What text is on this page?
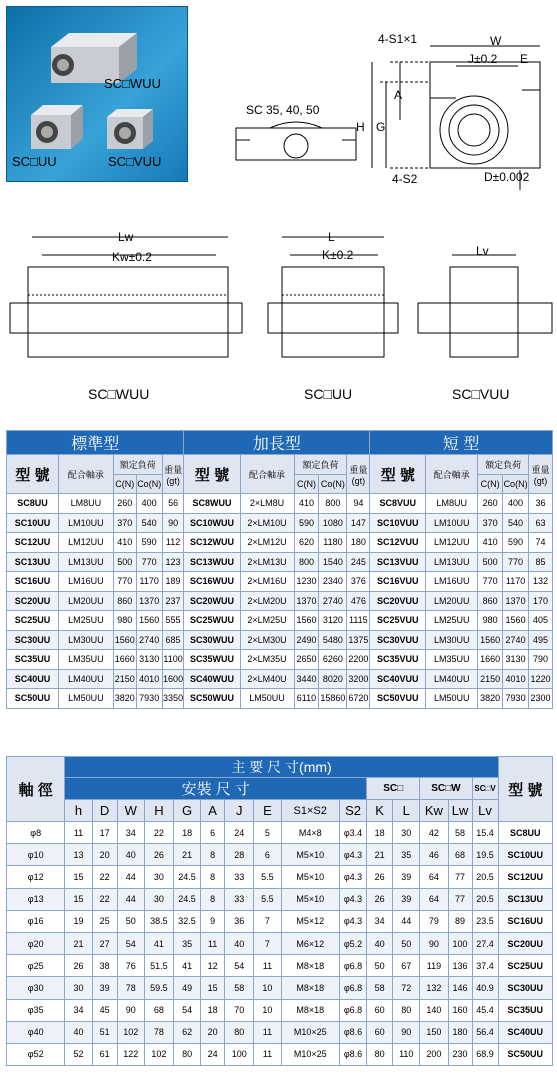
SC□WUU
SC□UU	SC□VUU
SC 35, 40, 50
4-S1×1	W
J±0.2 E
A
H G
4-S2	D±0.002
Lw
Kw±0.2
L
K±0.2	Lv
SC□WUU	SC□UU	SC□VUU
標準型					加長型					短 型				
型 號	配合軸承	額定負荷		重量(gt)	型 號	配合軸承	額定負荷		重量(gt)	型 號	配合軸承	額定負荷		重量(gt)
		C(N)	Co(N)				C(N)	Co(N)				C(N)	Co(N)	
SC8UU	LM8UU	260	400	56	SC8WUU	2×LM8U	410	800	94	SC8VUU	LM8UU	260	400	36
SC10UU	LM10UU	370	540	90	SC10WUU	2×LM10U	590	1080	147	SC10VUU	LM10UU	370	540	63
SC12UU	LM12UU	410	590	112	SC12WUU	2×LM12U	620	1180	180	SC12VUU	LM12UU	410	590	74
SC13UU	LM13UU	500	770	123	SC13WUU	2×LM13U	800	1540	245	SC13VUU	LM13UU	500	770	85
SC16UU	LM16UU	770	1170	189	SC16WUU	2×LM16U	1230	2340	376	SC16VUU	LM16UU	770	1170	132
SC20UU	LM20UU	860	1370	237	SC20WUU	2×LM20U	1370	2740	476	SC20VUU	LM20UU	860	1370	170
SC25UU	LM25UU	980	1560	555	SC25WUU	2×LM25U	1560	3120	1115	SC25VUU	LM25UU	980	1560	405
SC30UU	LM30UU	1560	2740	685	SC30WUU	2×LM30U	2490	5480	1375	SC30VUU	LM30UU	1560	2740	495
SC35UU	LM35UU	1660	3130	1100	SC35WUU	2×LM35U	2650	6260	2200	SC35VUU	LM35UU	1660	3130	790
SC40UU	LM40UU	2150	4010	1600	SC40WUU	2×LM40U	3440	8020	3200	SC40VUU	LM40UU	2150	4010	1220
SC50UU	LM50UU	3820	7930	3350	SC50WUU	LM50UU	6110	15860	6720	SC50VUU	LM50UU	3820	7930	2300
軸 徑	主 要 尺 寸(mm)															型 號
	安裝 尺 寸										SC□		SC□W		SC□V	
	h	D	W	H	G	A	J	E	S1×S2	S2	K	L	Kw	Lw	Lv	
φ8	11	17	34	22	18	6	24	5	M4×8	φ3.4	18	30	42	58	15.4	SC8UU
φ10	13	20	40	26	21	8	28	6	M5×10	φ4.3	21	35	46	68	19.5	SC10UU
φ12	15	22	44	30	24.5	8	33	5.5	M5×10	φ4.3	26	39	64	77	20.5	SC12UU
φ13	15	22	44	30	24.5	8	33	5.5	M5×10	φ4.3	26	39	64	77	20.5	SC13UU
φ16	19	25	50	38.5	32.5	9	36	7	M5×12	φ4.3	34	44	79	89	23.5	SC16UU
φ20	21	27	54	41	35	11	40	7	M6×12	φ5.2	40	50	90	100	27.4	SC20UU
φ25	26	38	76	51.5	41	12	54	11	M8×18	φ6.8	50	67	119	136	37.4	SC25UU
φ30	30	39	78	59.5	49	15	58	10	M8×18	φ6.8	58	72	132	146	40.9	SC30UU
φ35	34	45	90	68	54	18	70	10	M8×18	φ6.8	60	80	140	160	45.4	SC35UU
φ40	40	51	102	78	62	20	80	11	M10×25	φ8.6	60	90	150	180	56.4	SC40UU
φ52	52	61	122	102	80	24	100	11	M10×25	φ8.6	80	110	200	230	68.9	SC50UU
